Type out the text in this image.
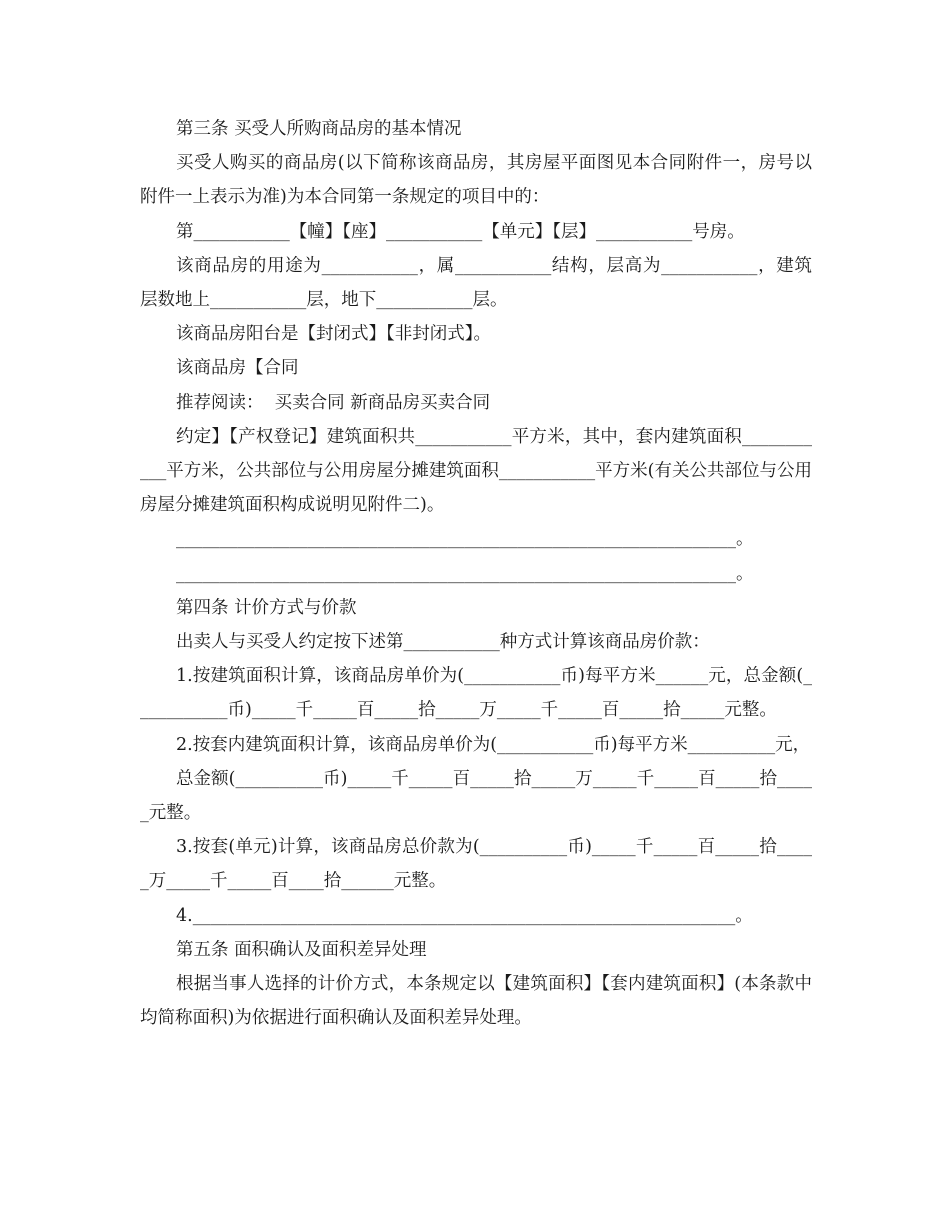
第三条 买受人所购商品房的基本情况

买受人购买的商品房(以下简称该商品房，其房屋平面图见本合同附件一，房号以附件一上表示为准)为本合同第一条规定的项目中的：

第___________【幢】【座】___________【单元】【层】___________号房。

该商品房的用途为___________，属___________结构，层高为___________，建筑层数地上___________层，地下___________层。

该商品房阳台是【封闭式】【非封闭式】。

该商品房【合同

推荐阅读：  买卖合同 新商品房买卖合同

约定】【产权登记】建筑面积共___________平方米，其中，套内建筑面积___________平方米，公共部位与公用房屋分摊建筑面积___________平方米(有关公共部位与公用房屋分摊建筑面积构成说明见附件二)。

________________________________________________________________。

________________________________________________________________。

第四条 计价方式与价款

出卖人与买受人约定按下述第___________种方式计算该商品房价款：

1.按建筑面积计算，该商品房单价为(___________币)每平方米______元，总金额(___________币)_____千_____百_____拾_____万_____千_____百_____拾_____元整。

2.按套内建筑面积计算，该商品房单价为(___________币)每平方米__________元，

总金额(__________币)_____千_____百_____拾_____万_____千_____百_____拾_____元整。

3.按套(单元)计算，该商品房总价款为(__________币)_____千_____百_____拾_____万_____千_____百____拾______元整。

4.______________________________________________________________。

第五条 面积确认及面积差异处理

根据当事人选择的计价方式，本条规定以【建筑面积】【套内建筑面积】(本条款中均简称面积)为依据进行面积确认及面积差异处理。
